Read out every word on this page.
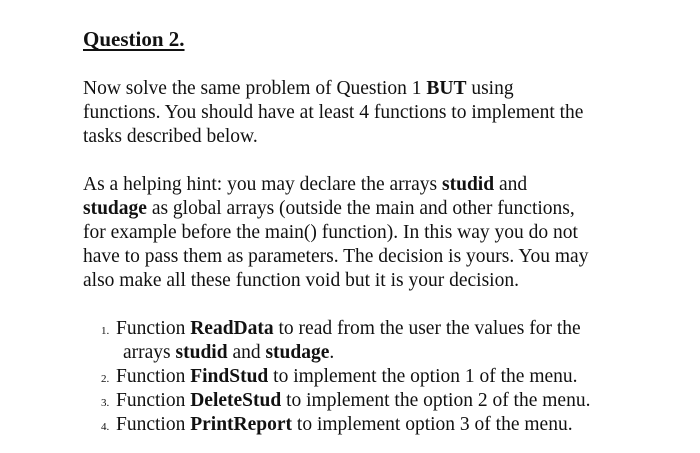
Question 2.
Now solve the same problem of Question 1 BUT using
functions. You should have at least 4 functions to implement the
tasks described below.
As a helping hint: you may declare the arrays studid and
studage as global arrays (outside the main and other functions,
for example before the main() function). In this way you do not
have to pass them as parameters. The decision is yours. You may
also make all these function void but it is your decision.
1. Function ReadData to read from the user the values for the
arrays studid and studage.
2. Function FindStud to implement the option 1 of the menu.
3. Function DeleteStud to implement the option 2 of the menu.
4. Function PrintReport to implement option 3 of the menu.
